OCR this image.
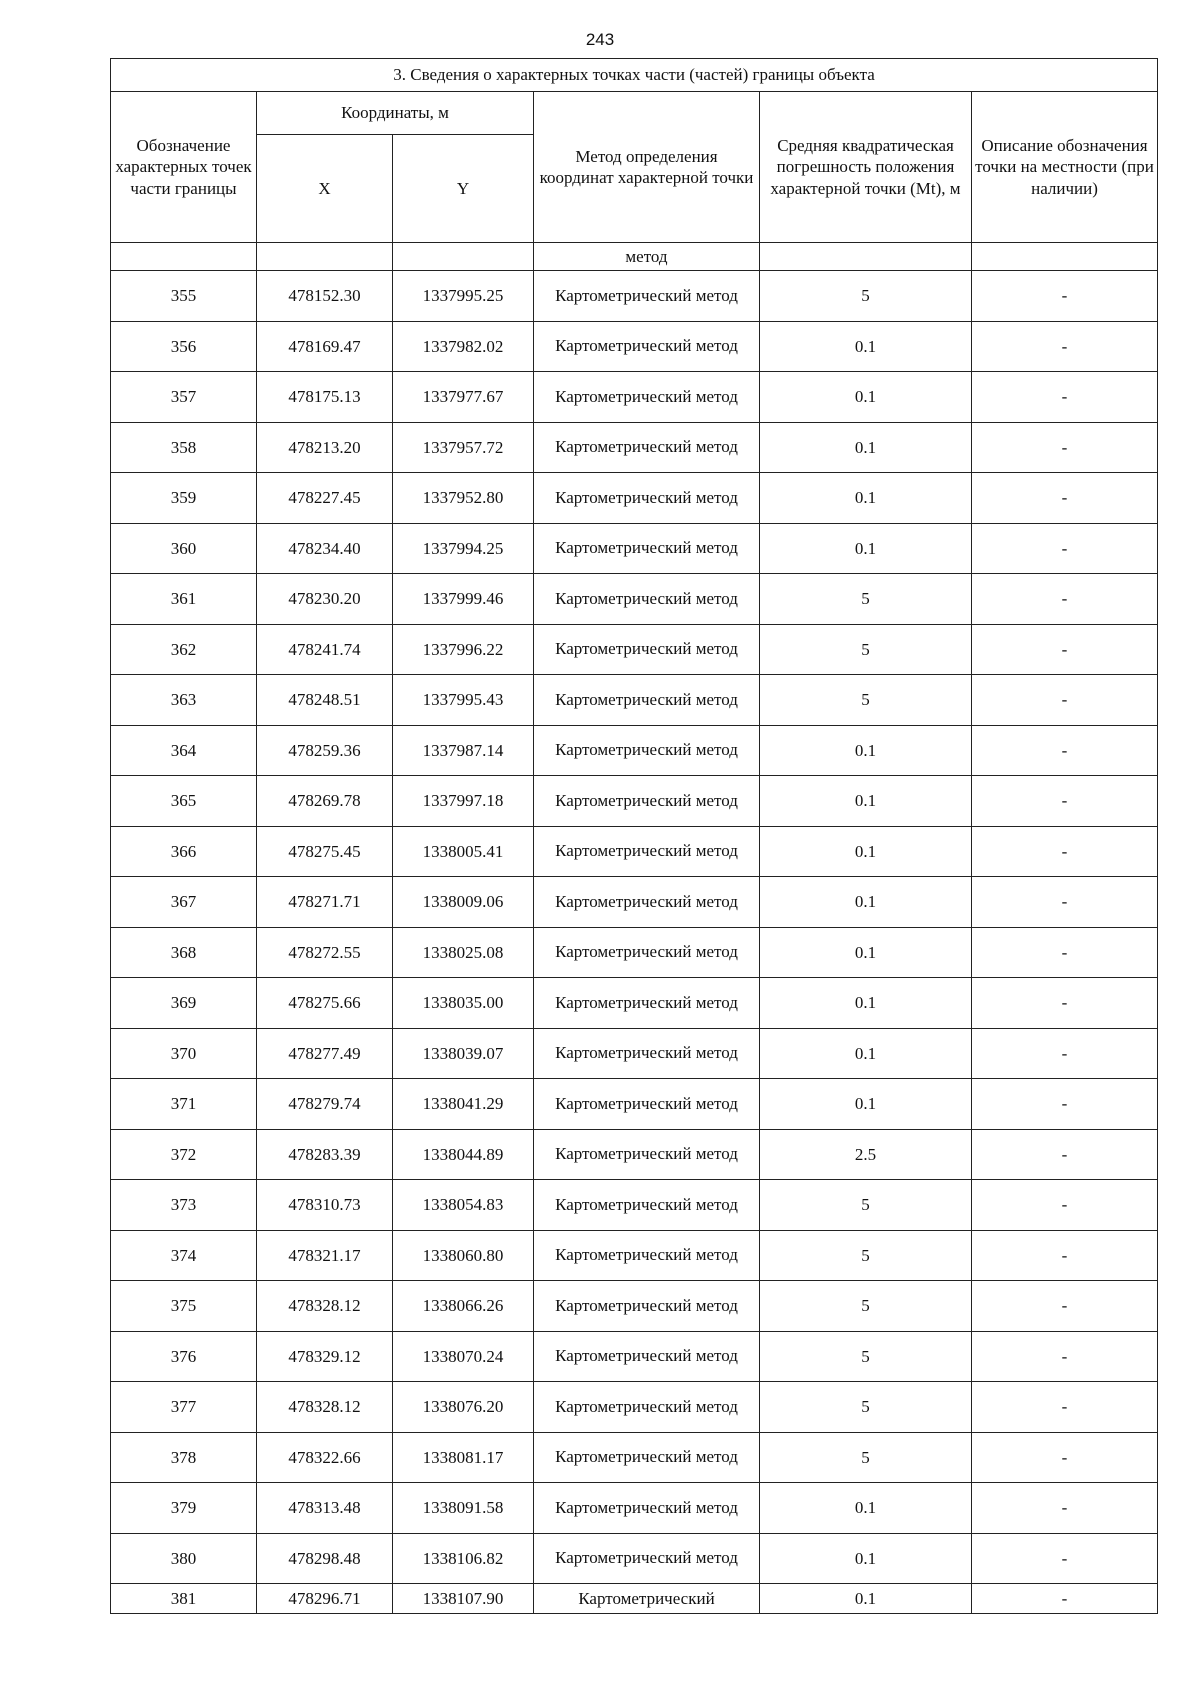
243
3. Сведения о характерных точках части (частей) границы объекта					
Обозначение характерных точек части границы	Координаты, м		Метод определения координат характерной точки	Средняя квадратическая погрешность положения характерной точки (Mt), м	Описание обозначения точки на местности (при наличии)
	X	Y			
			метод		
355	478152.30	1337995.25	Картометрический метод	5	-
356	478169.47	1337982.02	Картометрический метод	0.1	-
357	478175.13	1337977.67	Картометрический метод	0.1	-
358	478213.20	1337957.72	Картометрический метод	0.1	-
359	478227.45	1337952.80	Картометрический метод	0.1	-
360	478234.40	1337994.25	Картометрический метод	0.1	-
361	478230.20	1337999.46	Картометрический метод	5	-
362	478241.74	1337996.22	Картометрический метод	5	-
363	478248.51	1337995.43	Картометрический метод	5	-
364	478259.36	1337987.14	Картометрический метод	0.1	-
365	478269.78	1337997.18	Картометрический метод	0.1	-
366	478275.45	1338005.41	Картометрический метод	0.1	-
367	478271.71	1338009.06	Картометрический метод	0.1	-
368	478272.55	1338025.08	Картометрический метод	0.1	-
369	478275.66	1338035.00	Картометрический метод	0.1	-
370	478277.49	1338039.07	Картометрический метод	0.1	-
371	478279.74	1338041.29	Картометрический метод	0.1	-
372	478283.39	1338044.89	Картометрический метод	2.5	-
373	478310.73	1338054.83	Картометрический метод	5	-
374	478321.17	1338060.80	Картометрический метод	5	-
375	478328.12	1338066.26	Картометрический метод	5	-
376	478329.12	1338070.24	Картометрический метод	5	-
377	478328.12	1338076.20	Картометрический метод	5	-
378	478322.66	1338081.17	Картометрический метод	5	-
379	478313.48	1338091.58	Картометрический метод	0.1	-
380	478298.48	1338106.82	Картометрический метод	0.1	-
381	478296.71	1338107.90	Картометрический	0.1	-
